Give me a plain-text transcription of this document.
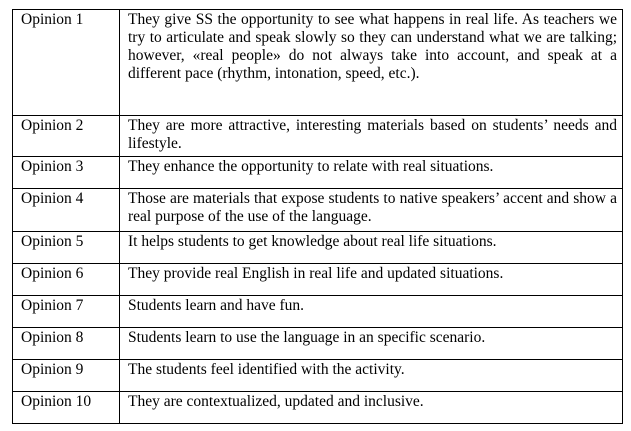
Opinion 1	They give SS the opportunity to see what happens in real life. As teachers we try to articulate and speak slowly so they can understand what we are talking; however, «real people» do not always take into account, and speak at a different pace (rhythm, intonation, speed, etc.).
Opinion 2	They are more attractive, interesting materials based on students’ needs and lifestyle.
Opinion 3	They enhance the opportunity to relate with real situations.
Opinion 4	Those are materials that expose students to native speakers’ accent and show a real purpose of the use of the language.
Opinion 5	It helps students to get knowledge about real life situations.
Opinion 6	They provide real English in real life and updated situations.
Opinion 7	Students learn and have fun.
Opinion 8	Students learn to use the language in an specific scenario.
Opinion 9	The students feel identified with the activity.
Opinion 10	They are contextualized, updated and inclusive.
